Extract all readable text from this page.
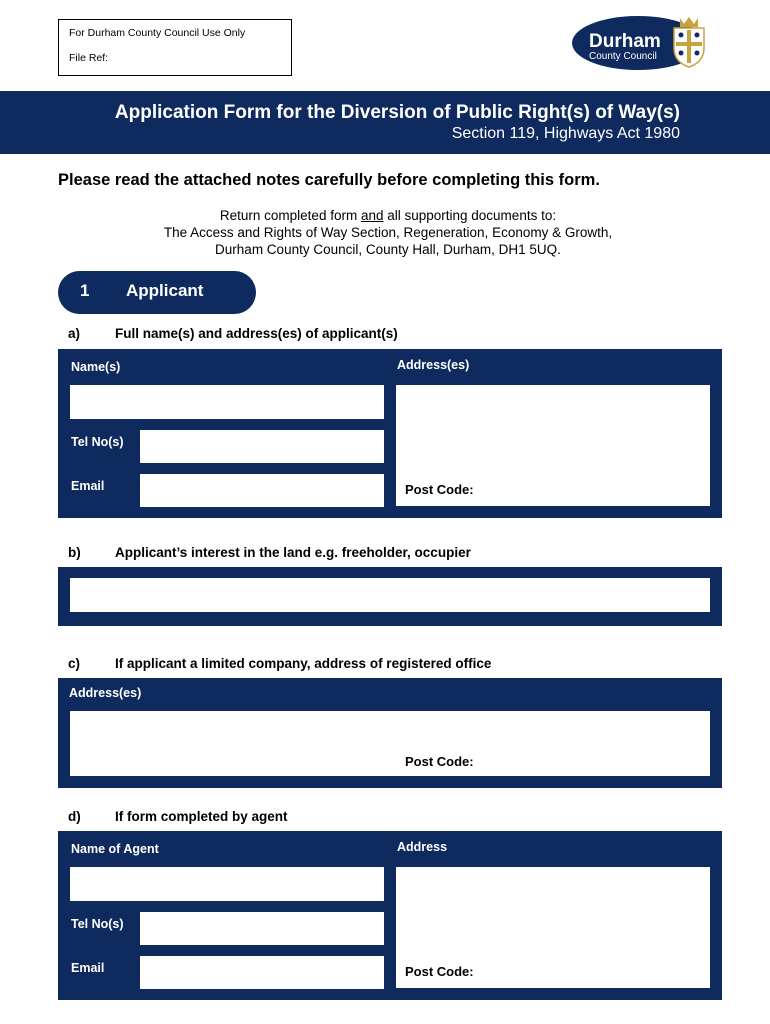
For Durham County Council Use Only
File Ref:
Durham
County Council
Application Form for the Diversion of Public Right(s) of Way(s)
Section 119, Highways Act 1980
Please read the attached notes carefully before completing this form.
Return completed form and all supporting documents to:
The Access and Rights of Way Section, Regeneration, Economy & Growth,
Durham County Council, County Hall, Durham, DH1 5UQ.
1 Applicant
a)	Full name(s) and address(es) of applicant(s)
Name(s)	Address(es)
Post Code:
Tel No(s)
Email
b)	Applicant’s interest in the land e.g. freeholder, occupier
c)	If applicant a limited company, address of registered office
Address(es)
Post Code:
d)	If form completed by agent
Name of Agent	Address
Post Code:
Tel No(s)
Email
